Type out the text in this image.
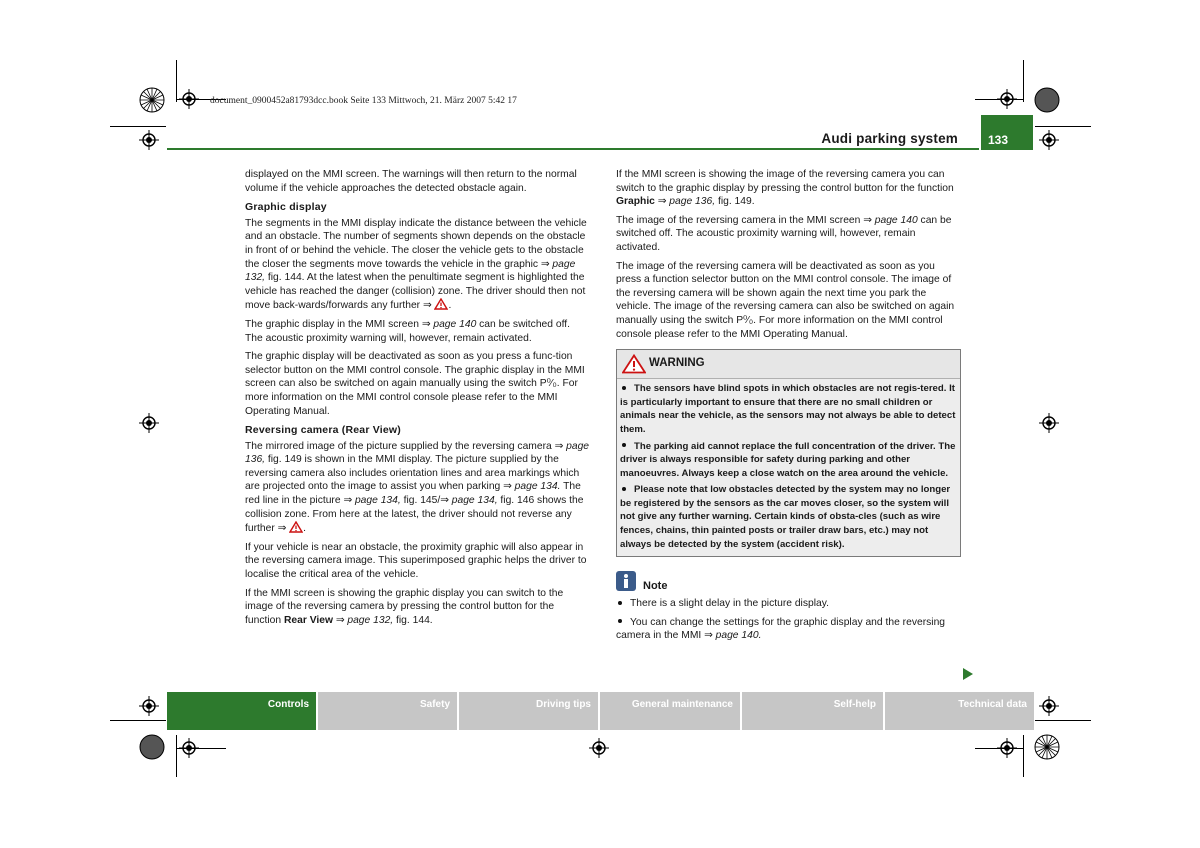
document_0900452a81793dcc.book Seite 133 Mittwoch, 21. März 2007 5:42 17
Audi parking system	133

displayed on the MMI screen. The warnings will then return to the normal volume if the vehicle approaches the detected obstacle again.

Graphic display

The segments in the MMI display indicate the distance between the vehicle and an obstacle. The number of segments shown depends on the obstacle in front of or behind the vehicle. The closer the vehicle gets to the obstacle the closer the segments move towards the vehicle in the graphic ⇒ page 132, fig. 144. At the latest when the penultimate segment is highlighted the vehicle has reached the danger (collision) zone. The driver should then not move back-wards/forwards any further ⇒ .

The graphic display in the MMI screen ⇒ page 140 can be switched off. The acoustic proximity warning will, however, remain activated.

The graphic display will be deactivated as soon as you press a func-tion selector button on the MMI control console. The graphic display in the MMI screen can also be switched on again manually using the switch P⁰⁄₀. For more information on the MMI control console please refer to the MMI Operating Manual.

Reversing camera (Rear View)

The mirrored image of the picture supplied by the reversing camera ⇒ page 136, fig. 149 is shown in the MMI display. The picture supplied by the reversing camera also includes orientation lines and area markings which are projected onto the image to assist you when parking ⇒ page 134. The red line in the picture ⇒ page 134, fig. 145/⇒ page 134, fig. 146 shows the collision zone. From here at the latest, the driver should not reverse any further ⇒ .

If your vehicle is near an obstacle, the proximity graphic will also appear in the reversing camera image. This superimposed graphic helps the driver to localise the critical area of the vehicle.

If the MMI screen is showing the graphic display you can switch to the image of the reversing camera by pressing the control button for the function Rear View ⇒ page 132, fig. 144.

If the MMI screen is showing the image of the reversing camera you can switch to the graphic display by pressing the control button for the function Graphic ⇒ page 136, fig. 149.

The image of the reversing camera in the MMI screen ⇒ page 140 can be switched off. The acoustic proximity warning will, however, remain activated.

The image of the reversing camera will be deactivated as soon as you press a function selector button on the MMI control console. The image of the reversing camera will be shown again the next time you park the vehicle. The image of the reversing camera can also be switched on again manually using the switch P⁰⁄₀. For more information on the MMI control console please refer to the MMI Operating Manual.

WARNING
The sensors have blind spots in which obstacles are not regis-tered. It is particularly important to ensure that there are no small children or animals near the vehicle, as the sensors may not always be able to detect them.
The parking aid cannot replace the full concentration of the driver. The driver is always responsible for safety during parking and other manoeuvres. Always keep a close watch on the area around the vehicle.
Please note that low obstacles detected by the system may no longer be registered by the sensors as the car moves closer, so the system will not give any further warning. Certain kinds of obsta-cles (such as wire fences, chains, thin painted posts or trailer draw bars, etc.) may not always be detected by the system (accident risk).
Note
There is a slight delay in the picture display.
You can change the settings for the graphic display and the reversing camera in the MMI ⇒ page 140.
Controls	Safety	Driving tips	General maintenance	Self-help	Technical data
